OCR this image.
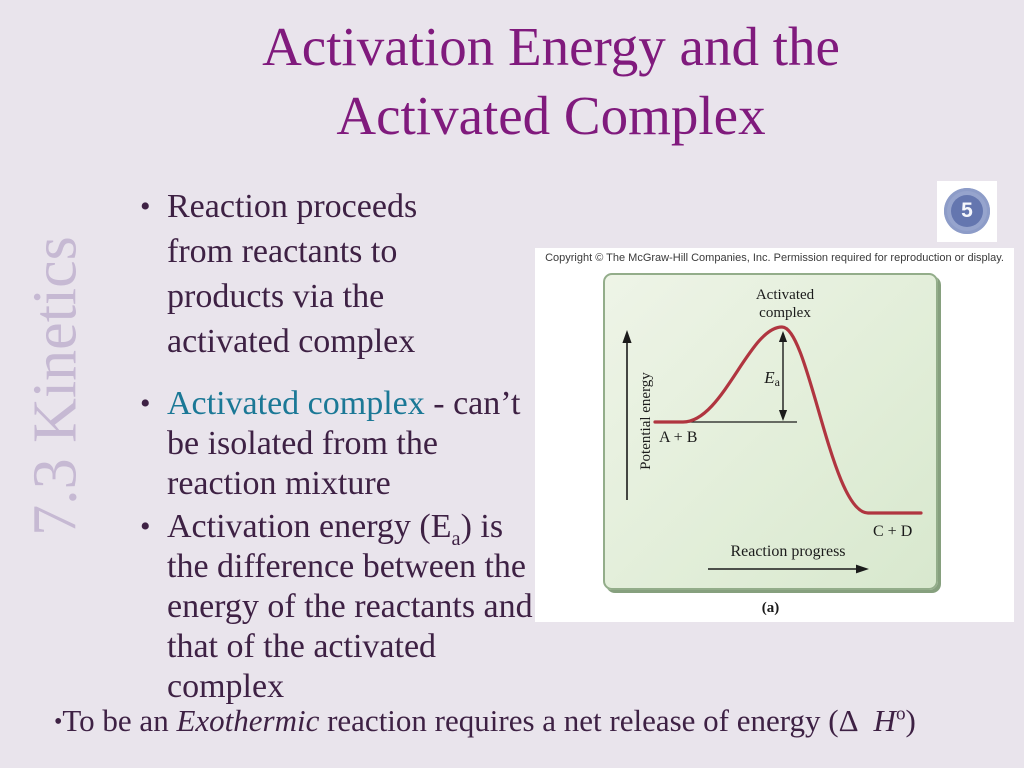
Activation Energy and the
Activated Complex
7.3 Kinetics
• Reaction proceeds
from reactants to
products via the
activated complex
• Activated complex - can’t
be isolated from the
reaction mixture
• Activation energy $(E_a)$ is
the difference between the
energy of the reactants and
that of the activated
complex
5
Copyright © The McGraw-Hill Companies, Inc. Permission required for reproduction or display.
Potential energy	Ea
Activated
complex
A + B
C + D
Reaction progress
(a)
•To be an Exothermic reaction requires a net release of energy (Δ $H^o$)
